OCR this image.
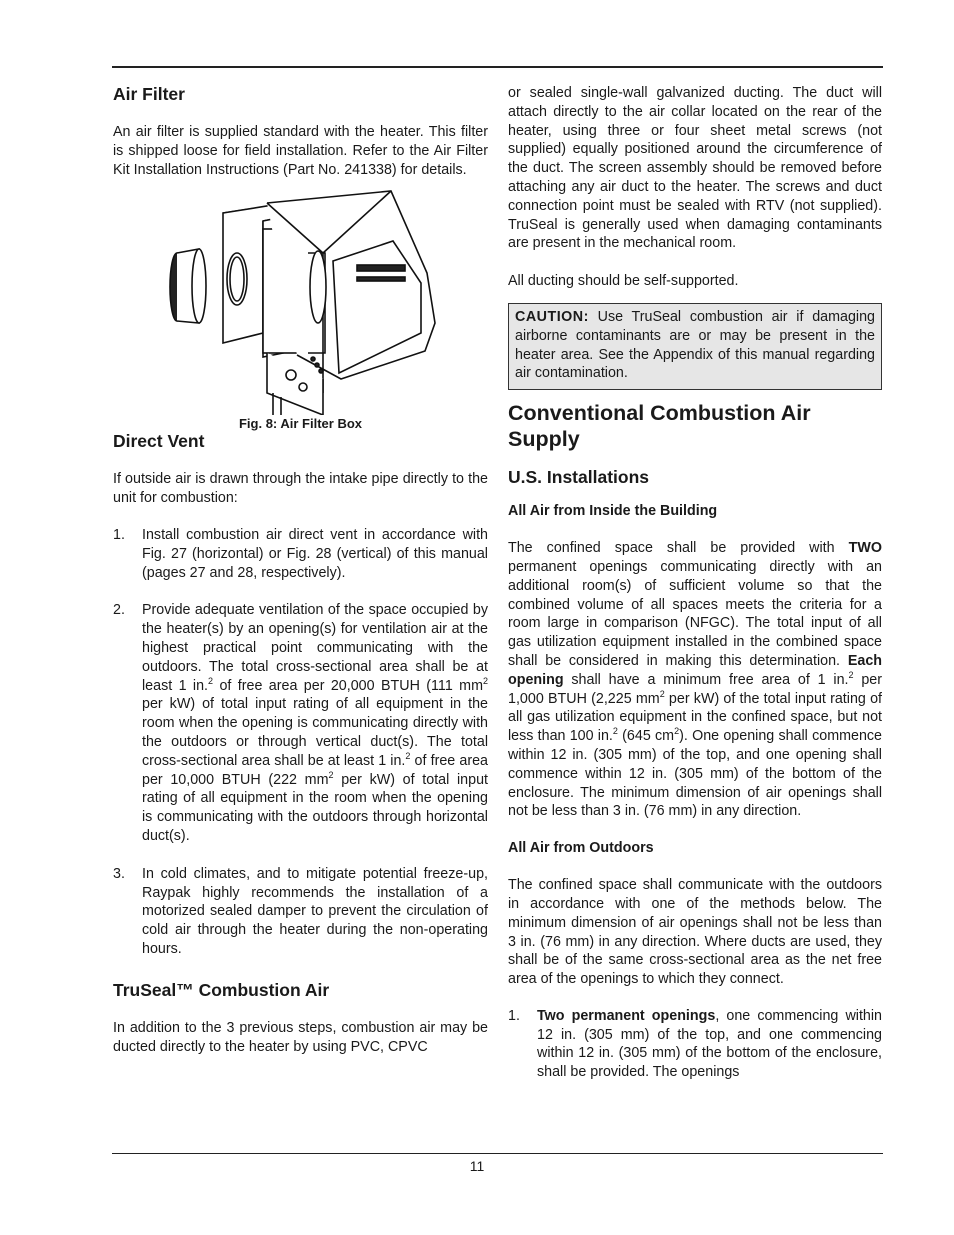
Air Filter

An air filter is supplied standard with the heater. This filter is shipped loose for field installation. Refer to the Air Filter Kit Installation Instructions (Part No. 241338) for details.

Fig. 8: Air Filter Box
Direct Vent

If outside air is drawn through the intake pipe directly to the unit for combustion:

1. Install combustion air direct vent in accordance with Fig. 27 (horizontal) or Fig. 28 (vertical) of this manual (pages 27 and 28, respectively).
2. Provide adequate ventilation of the space occupied by the heater(s) by an opening(s) for ventilation air at the highest practical point communicating with the outdoors. The total cross-sectional area shall be at least 1 in.$^2$ of free area per 20,000 BTUH (111 $mm^2$ per kW) of total input rating of all equipment in the room when the opening is communicating directly with the outdoors or through vertical duct(s). The total cross-sectional area shall be at least 1 in.$^2$ of free area per 10,000 BTUH (222 $mm^2$ per kW) of total input rating of all equipment in the room when the opening is communicating with the outdoors through horizontal duct(s).
3. In cold climates, and to mitigate potential freeze-up, Raypak highly recommends the installation of a motorized sealed damper to prevent the circulation of cold air through the heater during the non-operating hours.
TruSeal™ Combustion Air

In addition to the 3 previous steps, combustion air may be ducted directly to the heater by using PVC, CPVC

or sealed single-wall galvanized ducting. The duct will attach directly to the air collar located on the rear of the heater, using three or four sheet metal screws (not supplied) equally positioned around the circumference of the duct. The screen assembly should be removed before attaching any air duct to the heater. The screws and duct connection point must be sealed with RTV (not supplied). TruSeal is generally used when damaging contaminants are present in the mechanical room.

All ducting should be self-supported.

CAUTION: Use TruSeal combustion air if damaging airborne contaminants are or may be present in the heater area. See the Appendix of this manual regarding air contamination.
Conventional Combustion Air Supply
U.S. Installations
All Air from Inside the Building

The confined space shall be provided with TWO permanent openings communicating directly with an additional room(s) of sufficient volume so that the combined volume of all spaces meets the criteria for a room large in comparison (NFGC). The total input of all gas utilization equipment installed in the combined space shall be considered in making this determination. Each opening shall have a minimum free area of 1 in.$^2$ per 1,000 BTUH (2,225 $mm^2$ per kW) of the total input rating of all gas utilization equipment in the confined space, but not less than 100 in.$^2$ (645 $cm^2$). One opening shall commence within 12 in. (305 mm) of the top, and one opening shall commence within 12 in. (305 mm) of the bottom of the enclosure. The minimum dimension of air openings shall not be less than 3 in. (76 mm) in any direction.

All Air from Outdoors

The confined space shall communicate with the outdoors in accordance with one of the methods below. The minimum dimension of air openings shall not be less than 3 in. (76 mm) in any direction. Where ducts are used, they shall be of the same cross-sectional area as the net free area of the openings to which they connect.

1. Two permanent openings, one commencing within 12 in. (305 mm) of the top, and one commencing within 12 in. (305 mm) of the bottom of the enclosure, shall be provided. The openings
11
